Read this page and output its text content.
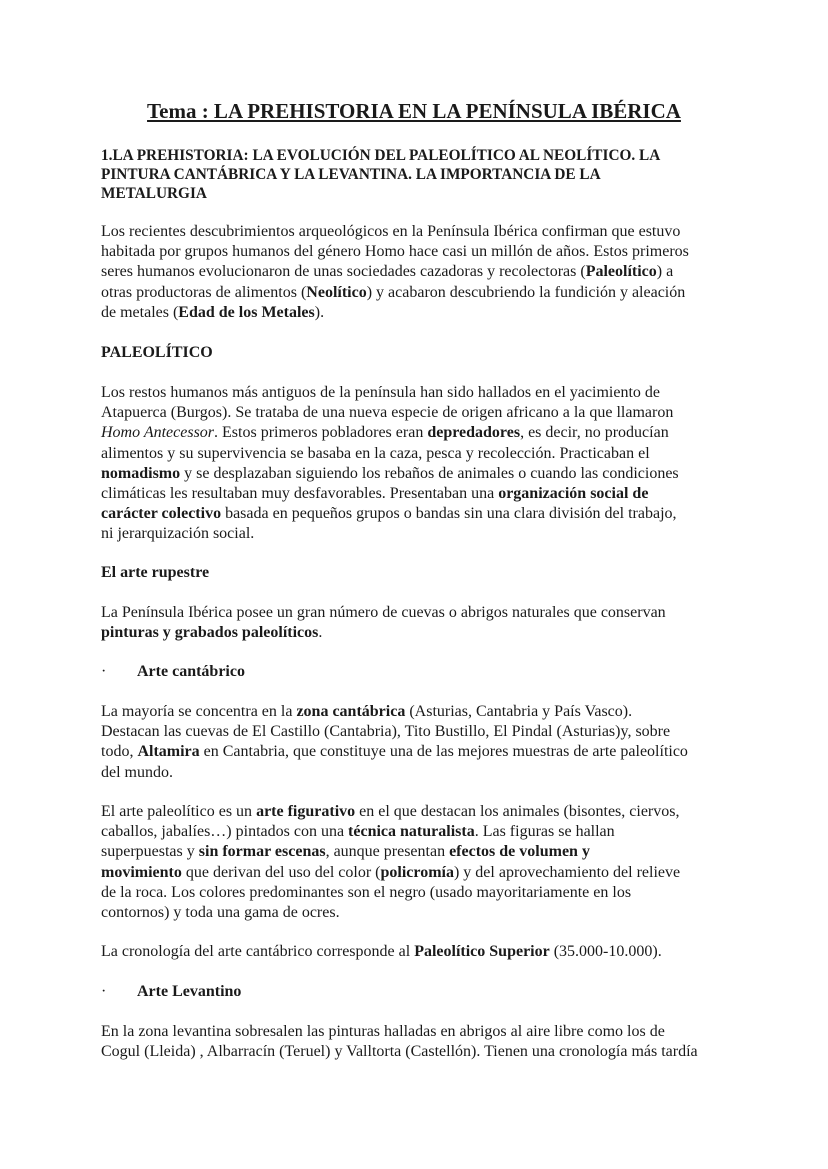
Tema : LA PREHISTORIA EN LA PENÍNSULA IBÉRICA
1.LA PREHISTORIA: LA EVOLUCIÓN DEL PALEOLÍTICO AL NEOLÍTICO. LA
PINTURA CANTÁBRICA Y LA LEVANTINA. LA IMPORTANCIA DE LA
METALURGIA
Los recientes descubrimientos arqueológicos en la Península Ibérica confirman que estuvo
habitada por grupos humanos del género Homo hace casi un millón de años. Estos primeros
seres humanos evolucionaron de unas sociedades cazadoras y recolectoras (Paleolítico) a
otras productoras de alimentos (Neolítico) y acabaron descubriendo la fundición y aleación
de metales (Edad de los Metales).
PALEOLÍTICO
Los restos humanos más antiguos de la península han sido hallados en el yacimiento de
Atapuerca (Burgos). Se trataba de una nueva especie de origen africano a la que llamaron
Homo Antecessor. Estos primeros pobladores eran depredadores, es decir, no producían
alimentos y su supervivencia se basaba en la caza, pesca y recolección. Practicaban el
nomadismo y se desplazaban siguiendo los rebaños de animales o cuando las condiciones
climáticas les resultaban muy desfavorables. Presentaban una organización social de
carácter colectivo basada en pequeños grupos o bandas sin una clara división del trabajo,
ni jerarquización social.
El arte rupestre
La Península Ibérica posee un gran número de cuevas o abrigos naturales que conservan
pinturas y grabados paleolíticos.
· Arte cantábrico
La mayoría se concentra en la zona cantábrica (Asturias, Cantabria y País Vasco).
Destacan las cuevas de El Castillo (Cantabria), Tito Bustillo, El Pindal (Asturias)y, sobre
todo, Altamira en Cantabria, que constituye una de las mejores muestras de arte paleolítico
del mundo.
El arte paleolítico es un arte figurativo en el que destacan los animales (bisontes, ciervos,
caballos, jabalíes…) pintados con una técnica naturalista. Las figuras se hallan
superpuestas y sin formar escenas, aunque presentan efectos de volumen y
movimiento que derivan del uso del color (policromía) y del aprovechamiento del relieve
de la roca. Los colores predominantes son el negro (usado mayoritariamente en los
contornos) y toda una gama de ocres.
La cronología del arte cantábrico corresponde al Paleolítico Superior (35.000-10.000).
· Arte Levantino
En la zona levantina sobresalen las pinturas halladas en abrigos al aire libre como los de
Cogul (Lleida) , Albarracín (Teruel) y Valltorta (Castellón). Tienen una cronología más tardía
